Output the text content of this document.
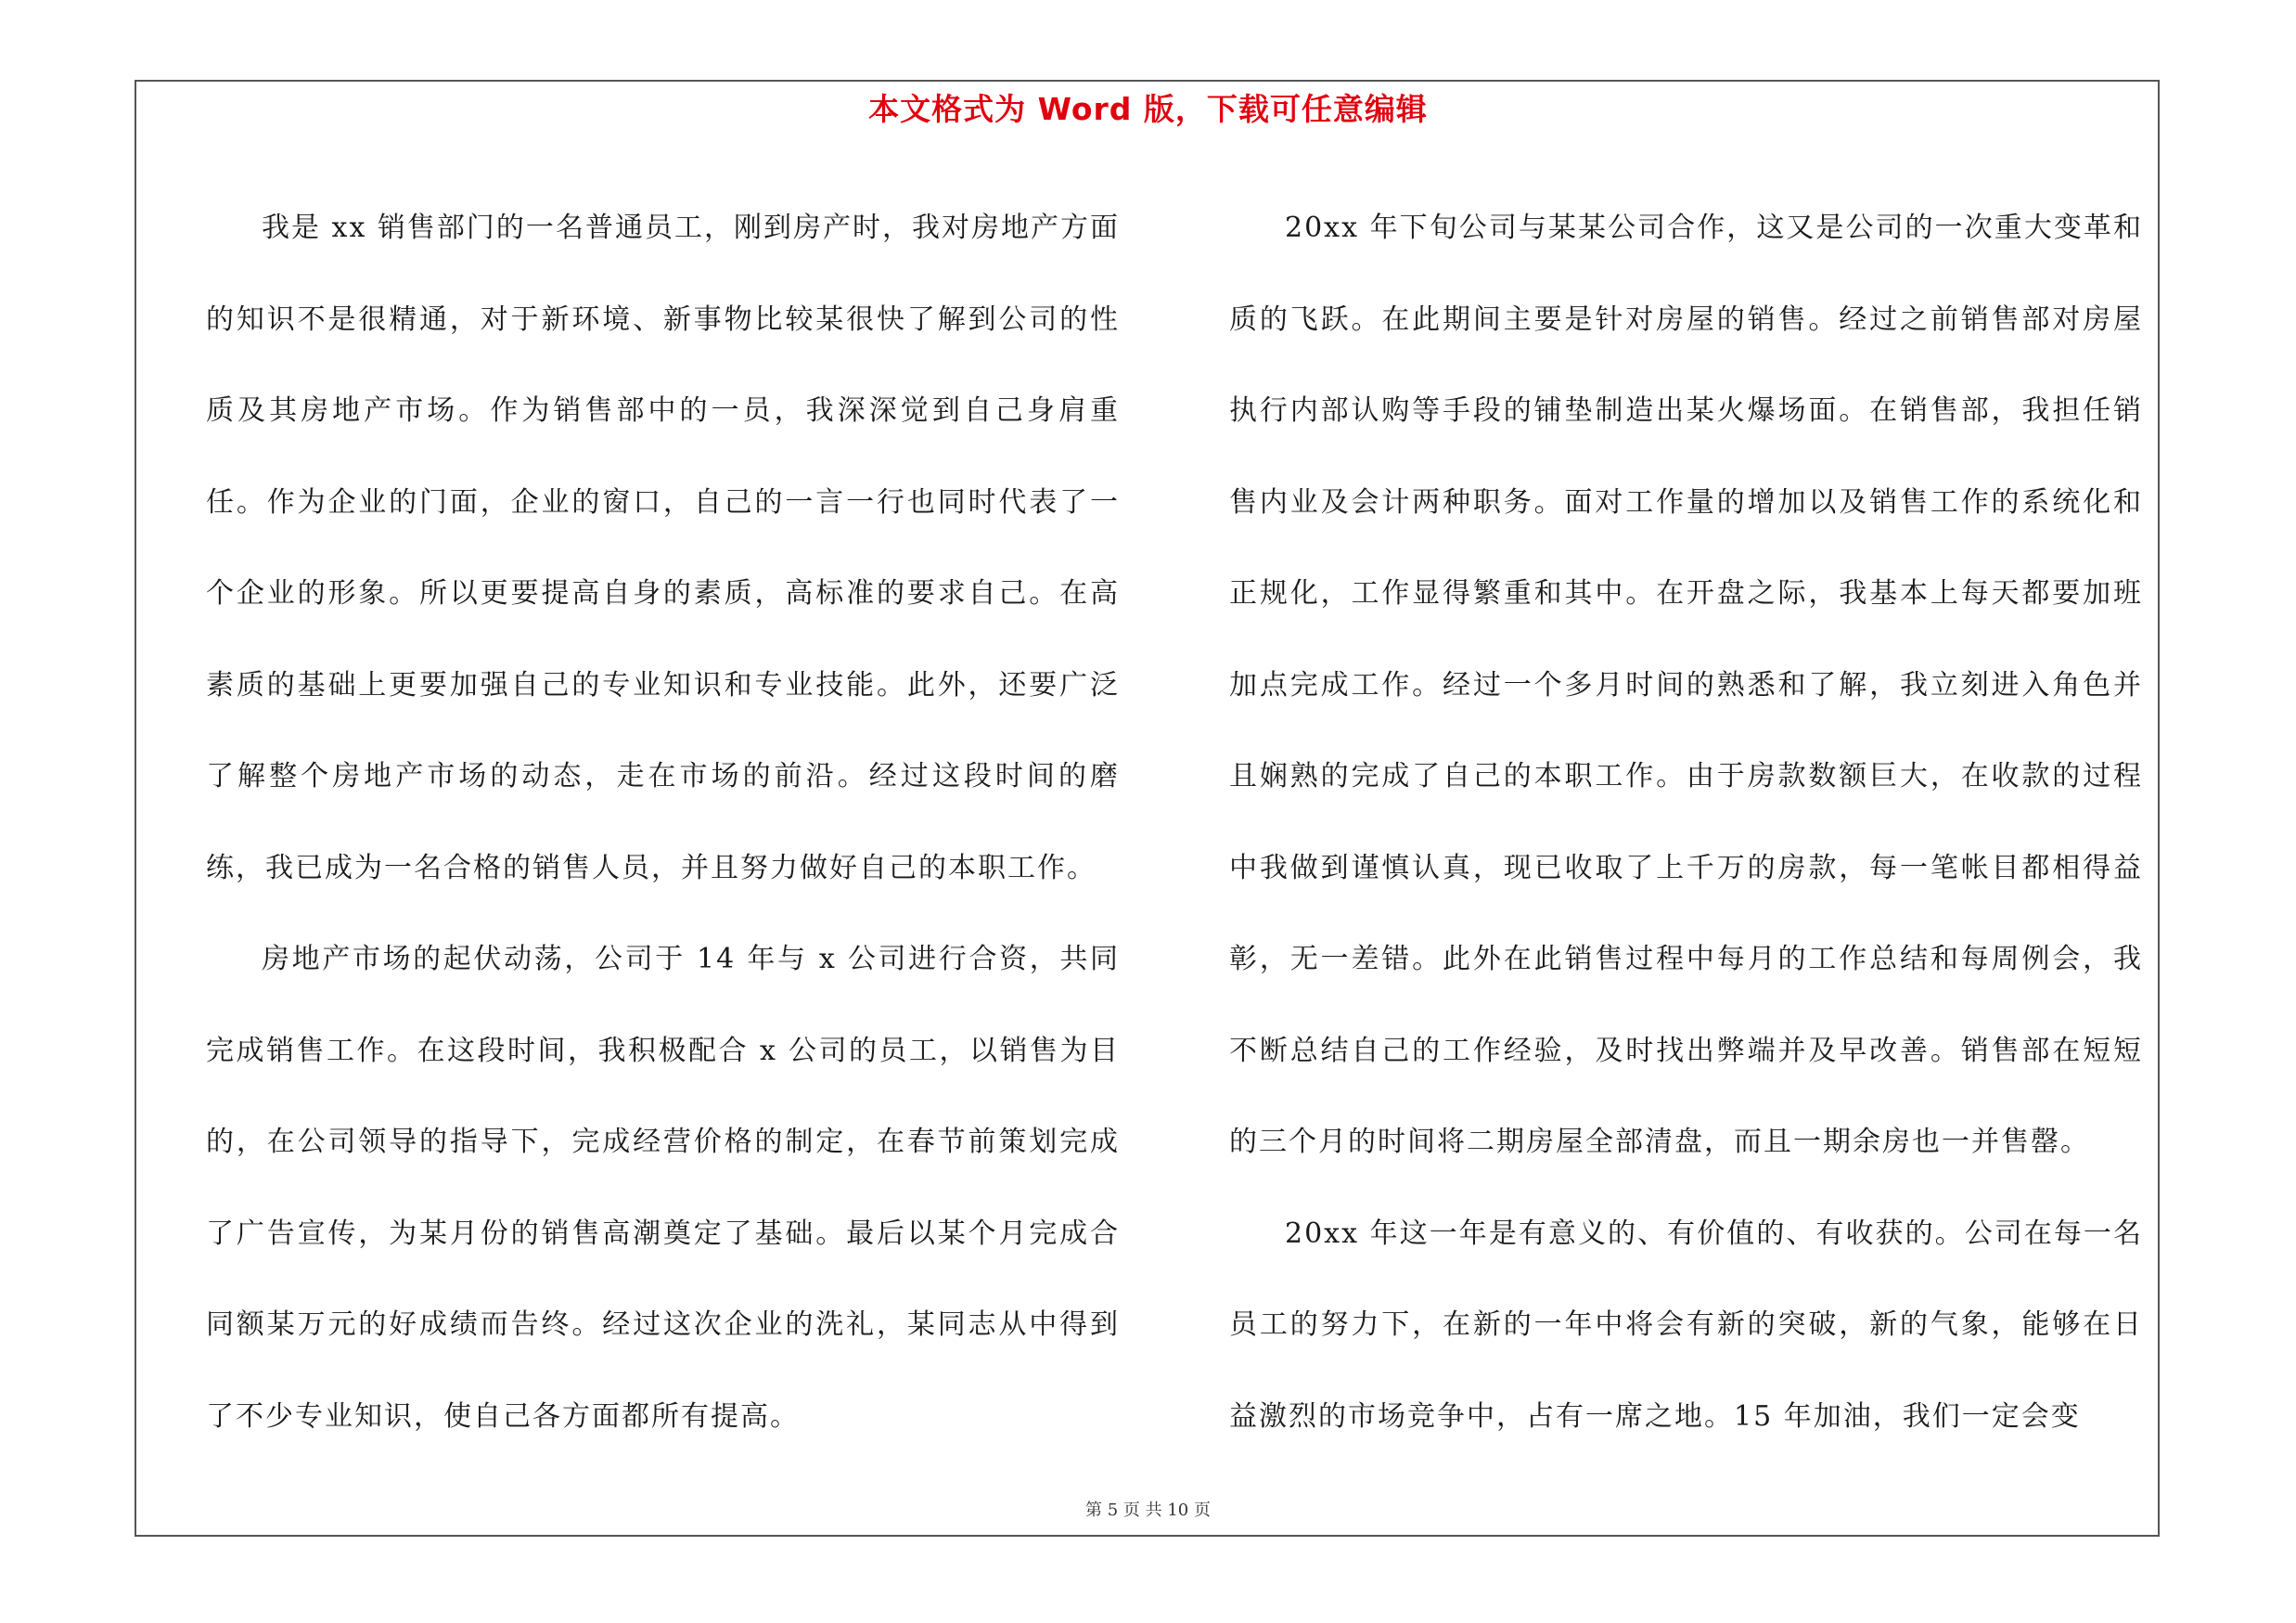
本文格式为 Word 版，下载可任意编辑

我是 xx 销售部门的一名普通员工，刚到房产时，我对房地产方面的知识不是很精通，对于新环境、新事物比较某很快了解到公司的性质及其房地产市场。作为销售部中的一员，我深深觉到自己身肩重任。作为企业的门面，企业的窗口，自己的一言一行也同时代表了一个企业的形象。所以更要提高自身的素质，高标准的要求自己。在高素质的基础上更要加强自己的专业知识和专业技能。此外，还要广泛了解整个房地产市场的动态，走在市场的前沿。经过这段时间的磨练，我已成为一名合格的销售人员，并且努力做好自己的本职工作。

房地产市场的起伏动荡，公司于 14 年与 x 公司进行合资，共同完成销售工作。在这段时间，我积极配合 x 公司的员工，以销售为目的，在公司领导的指导下，完成经营价格的制定，在春节前策划完成了广告宣传，为某月份的销售高潮奠定了基础。最后以某个月完成合同额某万元的好成绩而告终。经过这次企业的洗礼，某同志从中得到了不少专业知识，使自己各方面都所有提高。

20xx 年下旬公司与某某公司合作，这又是公司的一次重大变革和质的飞跃。在此期间主要是针对房屋的销售。经过之前销售部对房屋执行内部认购等手段的铺垫制造出某火爆场面。在销售部，我担任销售内业及会计两种职务。面对工作量的增加以及销售工作的系统化和正规化，工作显得繁重和其中。在开盘之际，我基本上每天都要加班加点完成工作。经过一个多月时间的熟悉和了解，我立刻进入角色并且娴熟的完成了自己的本职工作。由于房款数额巨大，在收款的过程中我做到谨慎认真，现已收取了上千万的房款，每一笔帐目都相得益彰，无一差错。此外在此销售过程中每月的工作总结和每周例会，我不断总结自己的工作经验，及时找出弊端并及早改善。销售部在短短的三个月的时间将二期房屋全部清盘，而且一期余房也一并售罄。

20xx 年这一年是有意义的、有价值的、有收获的。公司在每一名员工的努力下，在新的一年中将会有新的突破，新的气象，能够在日益激烈的市场竞争中，占有一席之地。15 年加油，我们一定会变

第 5 页 共 10 页
